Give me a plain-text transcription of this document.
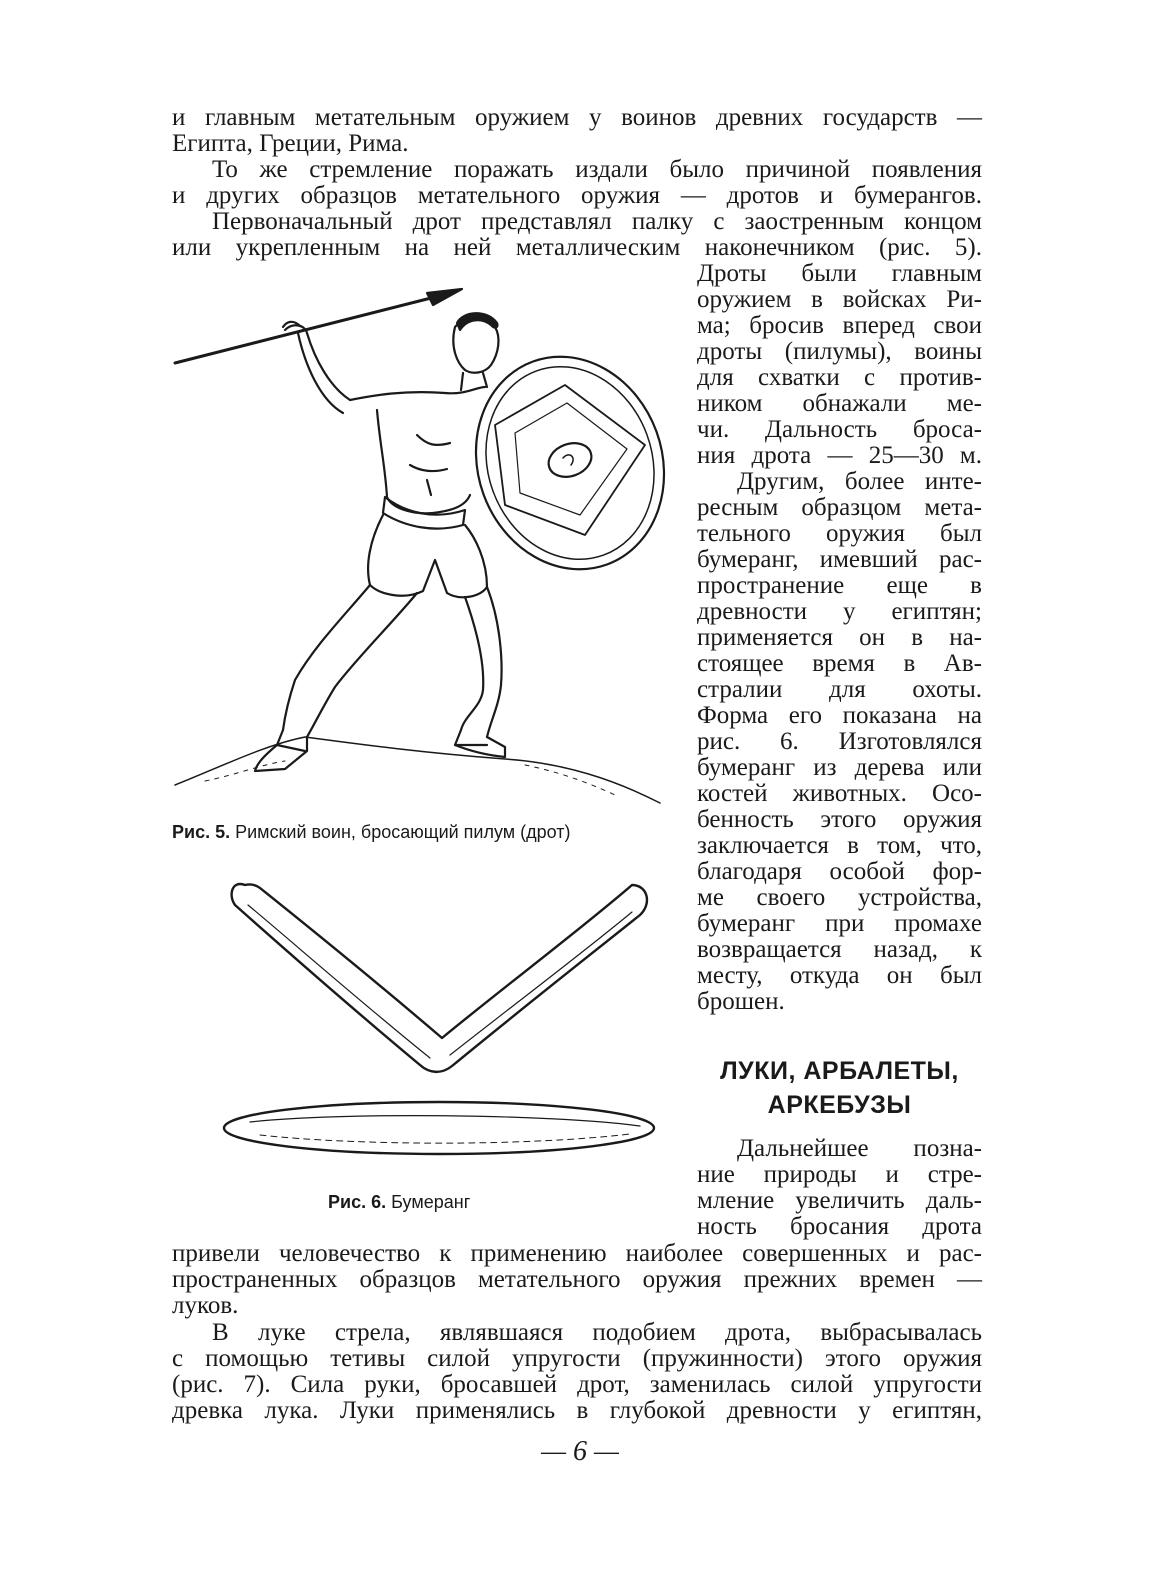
и главным метательным оружием у воинов древних государств —
Египта, Греции, Рима.
То же стремление поражать издали было причиной появления
и других образцов метательного оружия — дротов и бумерангов.
Первоначальный дрот представлял палку с заостренным концом
или укрепленным на ней металлическим наконечником (рис. 5).
Дроты были главным
оружием в войсках Ри-
ма; бросив вперед свои
дроты (пилумы), воины
для схватки с против-
ником обнажали ме-
чи. Дальность броса-
ния дрота — 25—30 м.
Другим, более инте-
ресным образцом мета-
тельного оружия был
бумеранг, имевший рас-
пространение еще в
древности у египтян;
применяется он в на-
стоящее время в Ав-
стралии для охоты.
Форма его показана на
рис. 6. Изготовлялся
бумеранг из дерева или
костей животных. Осо-
бенность этого оружия
заключается в том, что,
благодаря особой фор-
ме своего устройства,
бумеранг при промахе
возвращается назад, к
месту, откуда он был
брошен.
Рис. 5. Римский воин, бросающий пилум (дрот)
Рис. 6. Бумеранг
ЛУКИ, АРБАЛЕТЫ,
АРКЕБУЗЫ
Дальнейшее позна-
ние природы и стре-
мление увеличить даль-
ность бросания дрота
привели человечество к применению наиболее совершенных и рас-
пространенных образцов метательного оружия прежних времен —
луков.
В луке стрела, являвшаяся подобием дрота, выбрасывалась
с помощью тетивы силой упругости (пружинности) этого оружия
(рис. 7). Сила руки, бросавшей дрот, заменилась силой упругости
древка лука. Луки применялись в глубокой древности у египтян,
— 6 —
